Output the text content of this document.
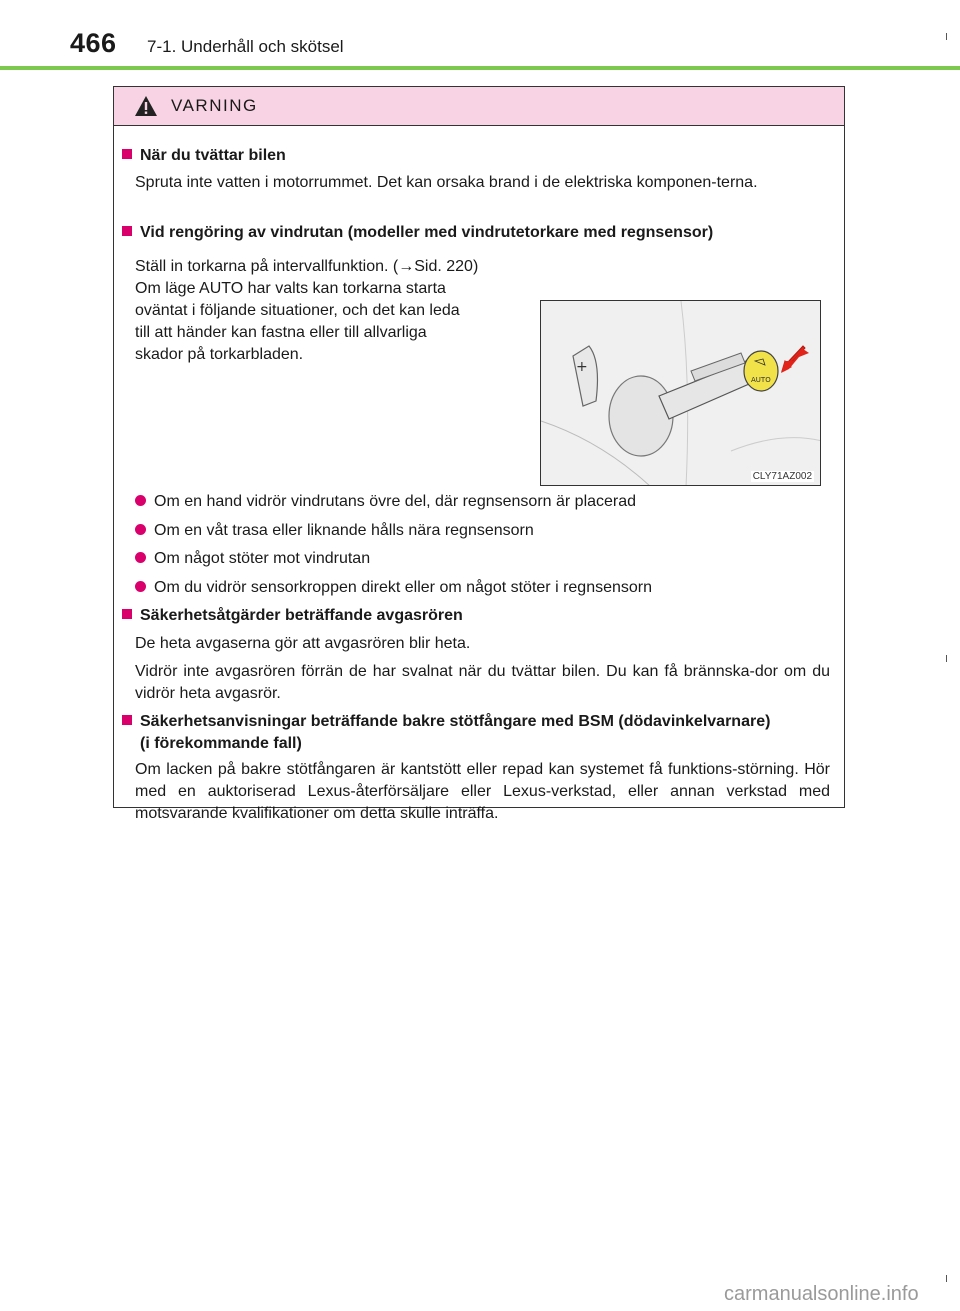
466 7-1. Underhåll och skötsel
VARNING
När du tvättar bilen
Spruta inte vatten i motorrummet. Det kan orsaka brand i de elektriska komponen-terna.
Vid rengöring av vindrutan (modeller med vindrutetorkare med regnsensor)
Ställ in torkarna på intervallfunktion. (→Sid. 220)
Om läge AUTO har valts kan torkarna starta
oväntat i följande situationer, och det kan leda
till att händer kan fastna eller till allvarliga
skador på torkarbladen.
+
AUTO
CLY71AZ002
Om en hand vidrör vindrutans övre del, där regnsensorn är placerad
Om en våt trasa eller liknande hålls nära regnsensorn
Om något stöter mot vindrutan
Om du vidrör sensorkroppen direkt eller om något stöter i regnsensorn
Säkerhetsåtgärder beträffande avgasrören
De heta avgaserna gör att avgasrören blir heta.
Vidrör inte avgasrören förrän de har svalnat när du tvättar bilen. Du kan få brännska-dor om du vidrör heta avgasrör.
Säkerhetsanvisningar beträffande bakre stötfångare med BSM (dödavinkelvarnare)
(i förekommande fall)
Om lacken på bakre stötfångaren är kantstött eller repad kan systemet få funktions-störning. Hör med en auktoriserad Lexus-återförsäljare eller Lexus-verkstad, eller annan verkstad med motsvarande kvalifikationer om detta skulle inträffa.
carmanualsonline.info
